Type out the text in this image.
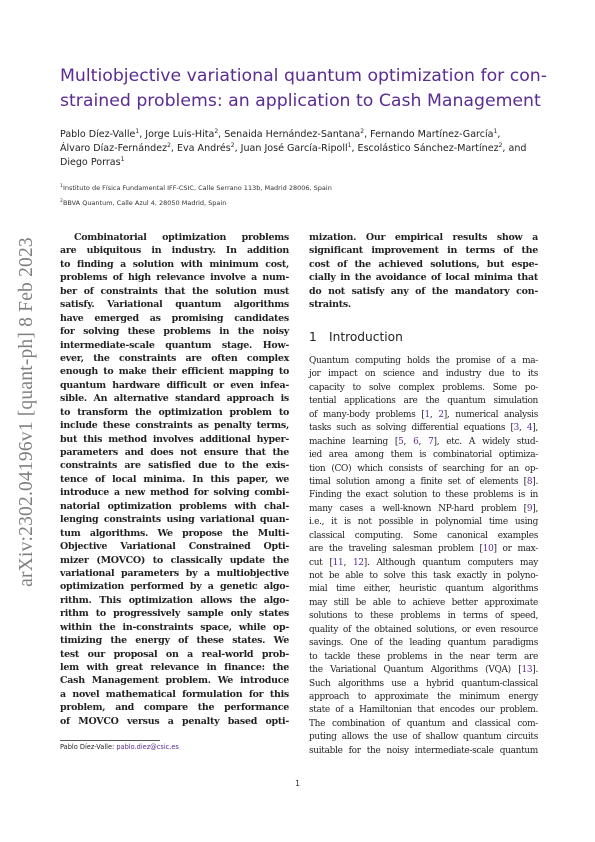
arXiv:2302.04196v1 [quant-ph] 8 Feb 2023
Multiobjective variational quantum optimization for con-
strained problems: an application to Cash Management
Pablo Díez-Valle$^1$, Jorge Luis-Hita$^2$, Senaida Hernández-Santana$^2$, Fernando Martínez-García$^1$,
Álvaro Díaz-Fernández$^2$, Eva Andrés$^2$, Juan José García-Ripoll$^1$, Escolástico Sánchez-Martínez$^2$, and
Diego Porras$^1$
$^1$Instituto de Física Fundamental IFF-CSIC, Calle Serrano 113b, Madrid 28006, Spain
$^2$BBVA Quantum, Calle Azul 4, 28050 Madrid, Spain
Combinatorial optimization problems
are ubiquitous in industry. In addition
to finding a solution with minimum cost,
problems of high relevance involve a num-
ber of constraints that the solution must
satisfy. Variational quantum algorithms
have emerged as promising candidates
for solving these problems in the noisy
intermediate-scale quantum stage. How-
ever, the constraints are often complex
enough to make their efficient mapping to
quantum hardware difficult or even infea-
sible. An alternative standard approach is
to transform the optimization problem to
include these constraints as penalty terms,
but this method involves additional hyper-
parameters and does not ensure that the
constraints are satisfied due to the exis-
tence of local minima. In this paper, we
introduce a new method for solving combi-
natorial optimization problems with chal-
lenging constraints using variational quan-
tum algorithms. We propose the Multi-
Objective Variational Constrained Opti-
mizer (MOVCO) to classically update the
variational parameters by a multiobjective
optimization performed by a genetic algo-
rithm. This optimization allows the algo-
rithm to progressively sample only states
within the in-constraints space, while op-
timizing the energy of these states. We
test our proposal on a real-world prob-
lem with great relevance in finance: the
Cash Management problem. We introduce
a novel mathematical formulation for this
problem, and compare the performance
of MOVCO versus a penalty based opti-
mization. Our empirical results show a
significant improvement in terms of the
cost of the achieved solutions, but espe-
cially in the avoidance of local minima that
do not satisfy any of the mandatory con-
straints.
1 Introduction
Quantum computing holds the promise of a ma-
jor impact on science and industry due to its
capacity to solve complex problems. Some po-
tential applications are the quantum simulation
of many-body problems [1, 2], numerical analysis
tasks such as solving differential equations [3, 4],
machine learning [5, 6, 7], etc. A widely stud-
ied area among them is combinatorial optimiza-
tion (CO) which consists of searching for an op-
timal solution among a finite set of elements [8].
Finding the exact solution to these problems is in
many cases a well-known NP-hard problem [9],
i.e., it is not possible in polynomial time using
classical computing. Some canonical examples
are the traveling salesman problem [10] or max-
cut [11, 12]. Although quantum computers may
not be able to solve this task exactly in polyno-
mial time either, heuristic quantum algorithms
may still be able to achieve better approximate
solutions to these problems in terms of speed,
quality of the obtained solutions, or even resource
savings. One of the leading quantum paradigms
to tackle these problems in the near term are
the Variational Quantum Algorithms (VQA) [13].
Such algorithms use a hybrid quantum-classical
approach to approximate the minimum energy
state of a Hamiltonian that encodes our problem.
The combination of quantum and classical com-
puting allows the use of shallow quantum circuits
suitable for the noisy intermediate-scale quantum
Pablo Díez-Valle: pablo.diez@csic.es
1
